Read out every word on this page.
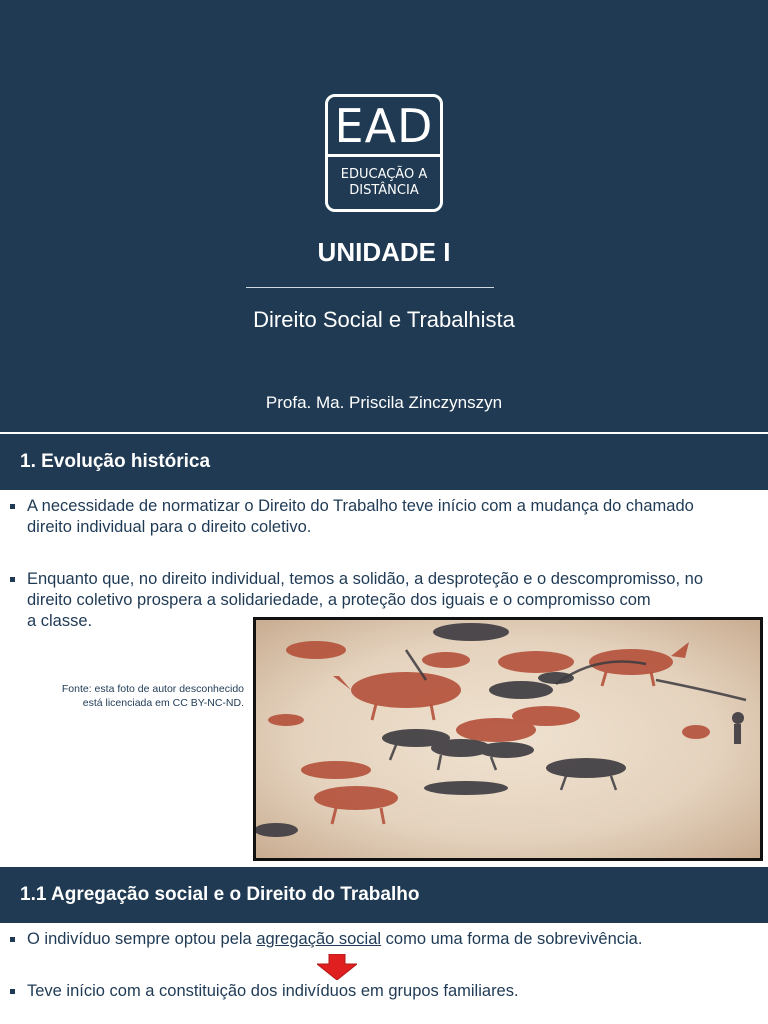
EAD
EDUCAÇÃO A
DISTÂNCIA
UNIDADE I
Direito Social e Trabalhista
Profa. Ma. Priscila Zinczynszyn
1. Evolução histórica
A necessidade de normatizar o Direito do Trabalho teve início com a mudança do chamado
direito individual para o direito coletivo.
Enquanto que, no direito individual, temos a solidão, a desproteção e o descompromisso, no
direito coletivo prospera a solidariedade, a proteção dos iguais e o compromisso com
a classe.
Fonte: esta foto de autor desconhecido
está licenciada em CC BY-NC-ND.
1.1 Agregação social e o Direito do Trabalho
O indivíduo sempre optou pela agregação social como uma forma de sobrevivência.
Teve início com a constituição dos indivíduos em grupos familiares.
